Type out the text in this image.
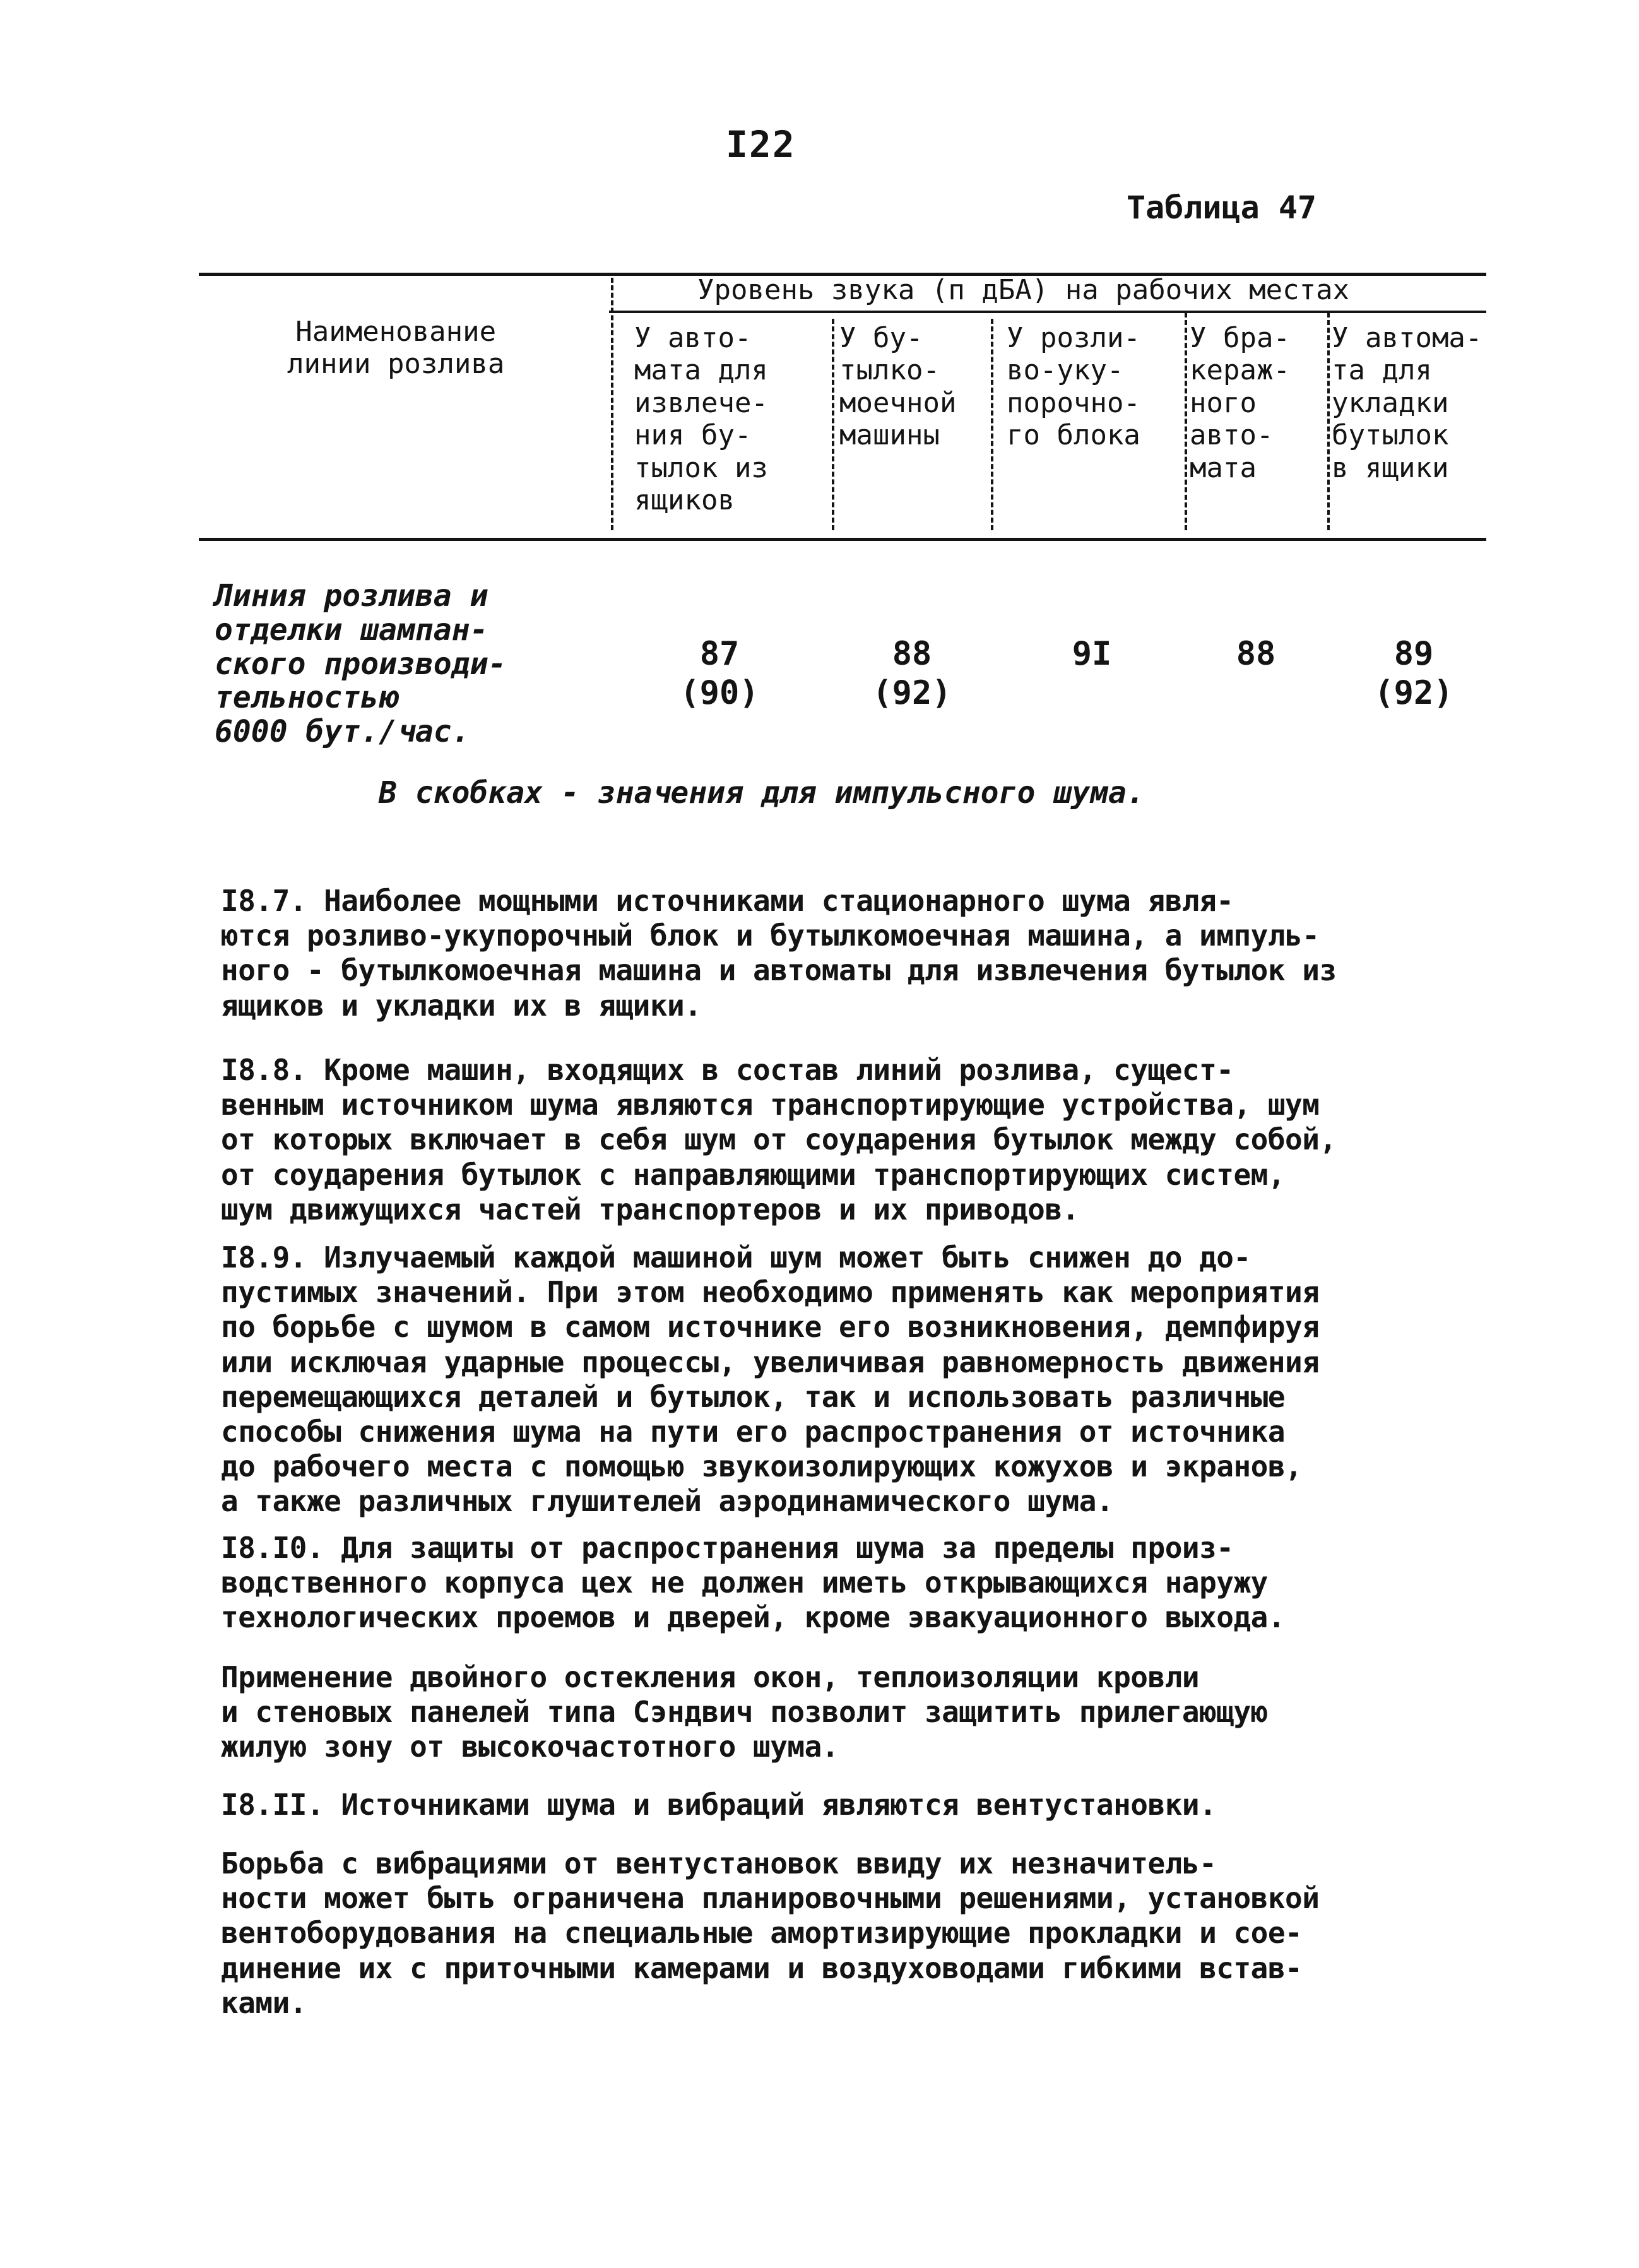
I22
Таблица 47
Наименование
линии розлива
Уровень звука (п дБА) на рабочих местах
У авто-
мата для
извлече-
ния бу-
тылок из
ящиков
У бу-
тылко-
моечной
машины
У розли-
во-уку-
порочно-
го блока
У бра-
кераж-
ного
авто-
мата
У автома-
та для
укладки
бутылок
в ящики
Линия розлива и
отделки шампан-
ского производи-
тельностью
6000 бут./час.
87
(90)
88
(92)
9I	88	89
(92)
В скобках - значения для импульсного шума.
I8.7. Наиболее мощными источниками стационарного шума явля-
ются розливо-укупорочный блок и бутылкомоечная машина, а импуль-
ного - бутылкомоечная машина и автоматы для извлечения бутылок из
ящиков и укладки их в ящики.
I8.8. Кроме машин, входящих в состав линий розлива, сущест-
венным источником шума являются транспортирующие устройства, шум
от которых включает в себя шум от соударения бутылок между собой,
от соударения бутылок с направляющими транспортирующих систем,
шум движущихся частей транспортеров и их приводов.
I8.9. Излучаемый каждой машиной шум может быть снижен до до-
пустимых значений. При этом необходимо применять как мероприятия
по борьбе с шумом в самом источнике его возникновения, демпфируя
или исключая ударные процессы, увеличивая равномерность движения
перемещающихся деталей и бутылок, так и использовать различные
способы снижения шума на пути его распространения от источника
до рабочего места с помощью звукоизолирующих кожухов и экранов,
а также различных глушителей аэродинамического шума.
I8.I0. Для защиты от распространения шума за пределы произ-
водственного корпуса цех не должен иметь открывающихся наружу
технологических проемов и дверей, кроме эвакуационного выхода.
Применение двойного остекления окон, теплоизоляции кровли
и стеновых панелей типа Сэндвич позволит защитить прилегающую
жилую зону от высокочастотного шума.
I8.II. Источниками шума и вибраций являются вентустановки.
Борьба с вибрациями от вентустановок ввиду их незначитель-
ности может быть ограничена планировочными решениями, установкой
вентоборудования на специальные амортизирующие прокладки и сое-
динение их с приточными камерами и воздуховодами гибкими встав-
ками.
